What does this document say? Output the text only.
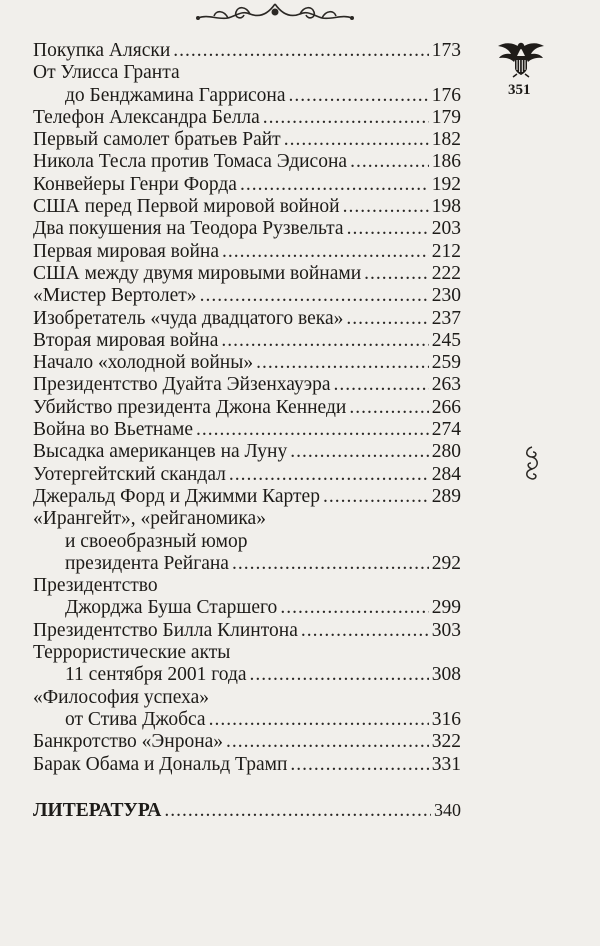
351
Покупка Аляски .....	173
От Улисса Гранта
до Бенджамина Гаррисона .....	176
Телефон Александра Белла .....	179
Первый самолет братьев Райт .....	182
Никола Тесла против Томаса Эдисона .....	186
Конвейеры Генри Форда .....	192
США перед Первой мировой войной .....	198
Два покушения на Теодора Рузвельта .....	203
Первая мировая война .....	212
США между двумя мировыми войнами .....	222
«Мистер Вертолет» .....	230
Изобретатель «чуда двадцатого века» .....	237
Вторая мировая война .....	245
Начало «холодной войны» .....	259
Президентство Дуайта Эйзенхауэра .....	263
Убийство президента Джона Кеннеди .....	266
Война во Вьетнаме .....	274
Высадка американцев на Луну .....	280
Уотергейтский скандал .....	284
Джеральд Форд и Джимми Картер .....	289
«Ирангейт», «рейганомика»
и своеобразный юмор
президента Рейгана .....	292
Президентство
Джорджа Буша Старшего .....	299
Президентство Билла Клинтона .....	303
Террористические акты
11 сентября 2001 года .....	308
«Философия успеха»
от Стива Джобса .....	316
Банкротство «Энрона» .....	322
Барак Обама и Дональд Трамп .....	331
ЛИТЕРАТУРА .....	340
